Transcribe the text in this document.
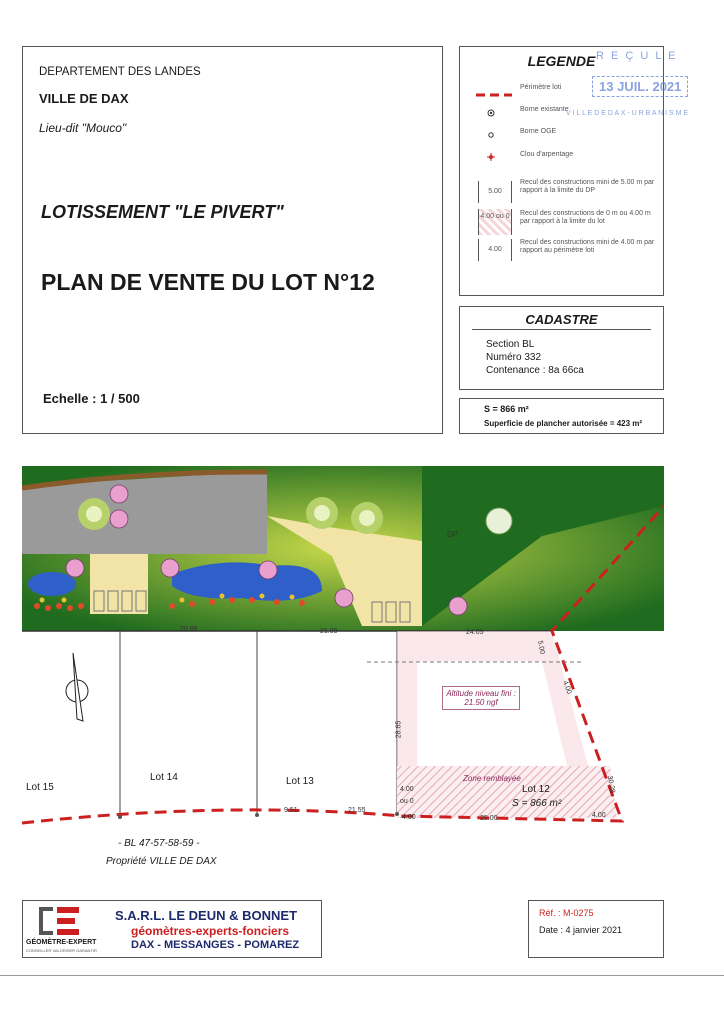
DEPARTEMENT DES LANDES
VILLE DE DAX
Lieu-dit "Mouco"
LOTISSEMENT "LE PIVERT"
PLAN DE VENTE DU LOT N°12
Echelle : 1 / 500
LEGENDE
Périmètre loti
Borne existante
Borne OGE
Clou d'arpentage
5.00
Recul des constructions mini de 5.00 m par rapport à la limite du DP
4.00 ou 0	Recul des constructions de 0 m ou 4.00 m par rapport à la limite du lot
4.00
Recul des constructions mini de 4.00 m par rapport au périmètre loti
R E Ç U L E
13 JUIL. 2021
V I L L E D E D A X - U R B A N I S M E
CADASTRE
Section BL
Numéro 332
Contenance : 8a 66ca
S = 866 m²
Superficie de plancher autorisée = 423 m²
20.86	21.09	24.05
5.00
4.00
28.65
4.00
ou 0
9.51	21.55
25.00	4.00
30.28
4.00
DP
Altitude niveau fini : 21.50 ngf
Zone remblayée
Lot 15
Lot 14	Lot 13
Lot 12
S = 866 m²
- BL 47-57-58-59 -
Propriété VILLE DE DAX
GÉOMÈTRE-EXPERT
CONSEILLER VALORISER GARANTIR
S.A.R.L. LE DEUN & BONNET
géomètres-experts-fonciers
DAX - MESSANGES - POMAREZ
Réf. : M-0275
Date : 4 janvier 2021
